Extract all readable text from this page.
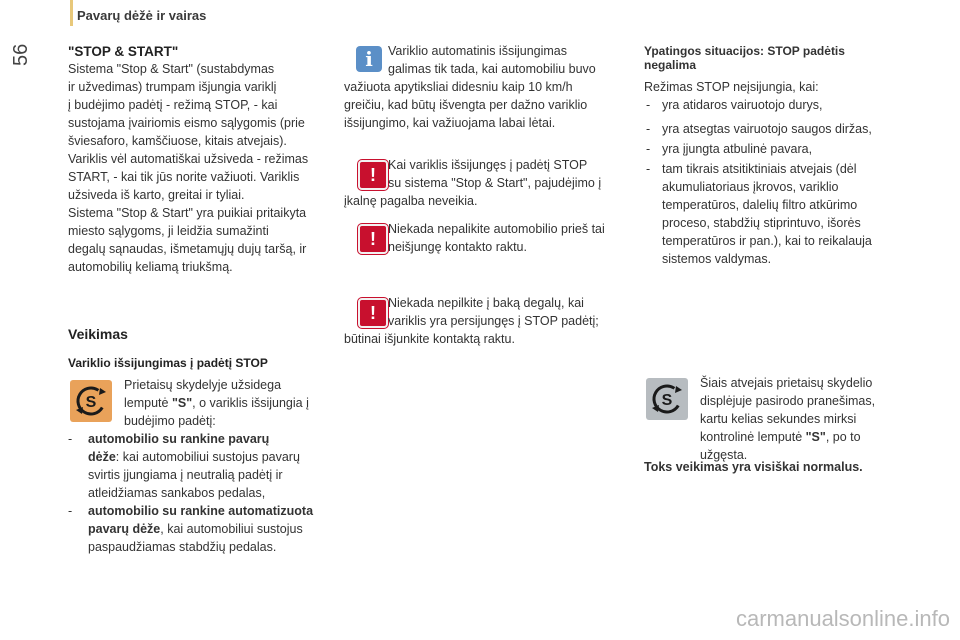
Pavarų dėžė ir vairas
56	"STOP & START"
Sistema "Stop & Start" (sustabdymas
ir užvedimas) trumpam išjungia variklį
į budėjimo padėtį - režimą STOP, - kai
sustojama įvairiomis eismo sąlygomis (prie
šviesaforo, kamščiuose, kitais atvejais).
Variklis vėl automatiškai užsiveda - režimas
START, - kai tik jūs norite važiuoti. Variklis
užsiveda iš karto, greitai ir tyliai.
Sistema "Stop & Start" yra puikiai pritaikyta
miesto sąlygoms, ji leidžia sumažinti
degalų sąnaudas, išmetamųjų dujų taršą, ir
automobilių keliamą triukšmą.
Veikimas
Variklio išsijungimas į padėtį STOP
S
Prietaisų skydelyje užsidega
lemputė "S", o variklis išsijungia į
budėjimo padėtį:
- automobilio su rankine pavarų
dėže: kai automobiliui sustojus pavarų
svirtis įjungiama į neutralią padėtį ir
atleidžiamas sankabos pedalas,
- automobilio su rankine automatizuota
pavarų dėže, kai automobiliui sustojus
paspaudžiamas stabdžių pedalas.
i	Variklio automatinis išsijungimas
galimas tik tada, kai automobiliu buvo
važiuota apytiksliai didesniu kaip 10 km/h
greičiu, kad būtų išvengta per dažno variklio
išsijungimo, kai važiuojama labai lėtai.
! Kai variklis išsijungęs į padėtį STOP
su sistema "Stop & Start", pajudėjimo į
įkalnę pagalba neveikia.
! Niekada nepalikite automobilio prieš tai
neišjungę kontakto raktu.
! Niekada nepilkite į baką degalų, kai
variklis yra persijungęs į STOP padėtį;
būtinai išjunkite kontaktą raktu.
Ypatingos situacijos: STOP padėtis
negalima
Režimas STOP neįsijungia, kai:
- yra atidaros vairuotojo durys,
- yra atsegtas vairuotojo saugos diržas,
- yra įjungta atbulinė pavara,
- tam tikrais atsitiktiniais atvejais (dėl
akumuliatoriaus įkrovos, variklio
temperatūros, dalelių filtro atkūrimo
proceso, stabdžių stiprintuvo, išorės
temperatūros ir pan.), kai to reikalauja
sistemos valdymas.
S
Šiais atvejais prietaisų skydelio
displėjuje pasirodo pranešimas,
kartu kelias sekundes mirksi
kontrolinė lemputė "S", po to
užgęsta.
Toks veikimas yra visiškai normalus.
carmanualsonline.info
